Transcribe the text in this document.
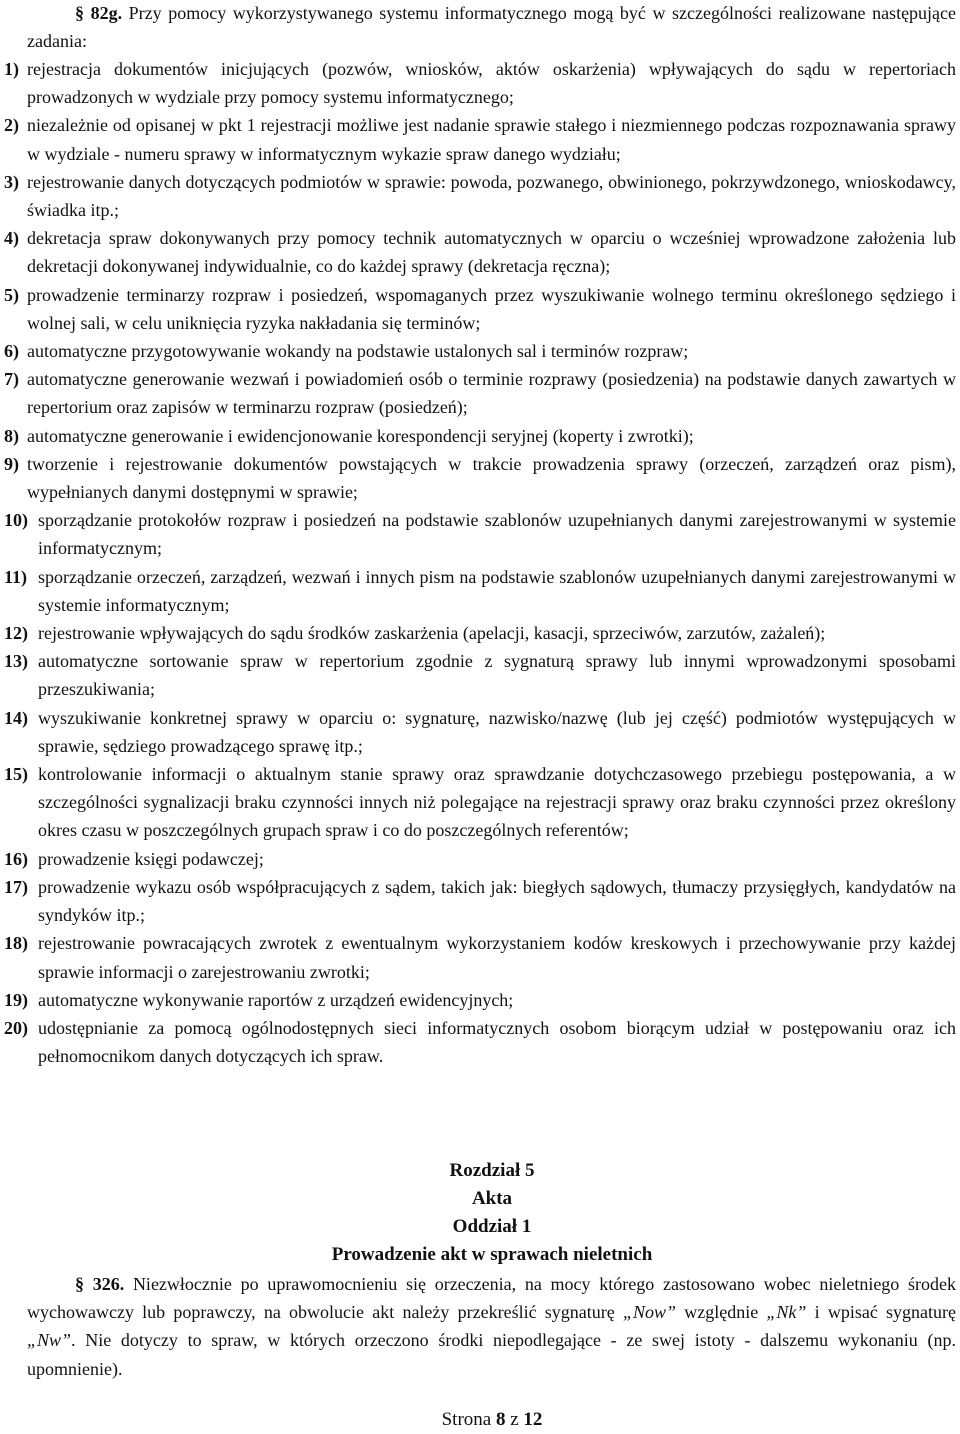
§ 82g. Przy pomocy wykorzystywanego systemu informatycznego mogą być w szczególności realizowane następujące zadania:
1) rejestracja dokumentów inicjujących (pozwów, wniosków, aktów oskarżenia) wpływających do sądu w repertoriach prowadzonych w wydziale przy pomocy systemu informatycznego;
2) niezależnie od opisanej w pkt 1 rejestracji możliwe jest nadanie sprawie stałego i niezmiennego podczas rozpoznawania sprawy w wydziale - numeru sprawy w informatycznym wykazie spraw danego wydziału;
3) rejestrowanie danych dotyczących podmiotów w sprawie: powoda, pozwanego, obwinionego, pokrzywdzonego, wnioskodawcy, świadka itp.;
4) dekretacja spraw dokonywanych przy pomocy technik automatycznych w oparciu o wcześniej wprowadzone założenia lub dekretacji dokonywanej indywidualnie, co do każdej sprawy (dekretacja ręczna);
5) prowadzenie terminarzy rozpraw i posiedzeń, wspomaganych przez wyszukiwanie wolnego terminu określonego sędziego i wolnej sali, w celu uniknięcia ryzyka nakładania się terminów;
6) automatyczne przygotowywanie wokandy na podstawie ustalonych sal i terminów rozpraw;
7) automatyczne generowanie wezwań i powiadomień osób o terminie rozprawy (posiedzenia) na podstawie danych zawartych w repertorium oraz zapisów w terminarzu rozpraw (posiedzeń);
8) automatyczne generowanie i ewidencjonowanie korespondencji seryjnej (koperty i zwrotki);
9) tworzenie i rejestrowanie dokumentów powstających w trakcie prowadzenia sprawy (orzeczeń, zarządzeń oraz pism), wypełnianych danymi dostępnymi w sprawie;
10) sporządzanie protokołów rozpraw i posiedzeń na podstawie szablonów uzupełnianych danymi zarejestrowanymi w systemie informatycznym;
11) sporządzanie orzeczeń, zarządzeń, wezwań i innych pism na podstawie szablonów uzupełnianych danymi zarejestrowanymi w systemie informatycznym;
12) rejestrowanie wpływających do sądu środków zaskarżenia (apelacji, kasacji, sprzeciwów, zarzutów, zażaleń);
13) automatyczne sortowanie spraw w repertorium zgodnie z sygnaturą sprawy lub innymi wprowadzonymi sposobami przeszukiwania;
14) wyszukiwanie konkretnej sprawy w oparciu o: sygnaturę, nazwisko/nazwę (lub jej część) podmiotów występujących w sprawie, sędziego prowadzącego sprawę itp.;
15) kontrolowanie informacji o aktualnym stanie sprawy oraz sprawdzanie dotychczasowego przebiegu postępowania, a w szczególności sygnalizacji braku czynności innych niż polegające na rejestracji sprawy oraz braku czynności przez określony okres czasu w poszczególnych grupach spraw i co do poszczególnych referentów;
16) prowadzenie księgi podawczej;
17) prowadzenie wykazu osób współpracujących z sądem, takich jak: biegłych sądowych, tłumaczy przysięgłych, kandydatów na syndyków itp.;
18) rejestrowanie powracających zwrotek z ewentualnym wykorzystaniem kodów kreskowych i przechowywanie przy każdej sprawie informacji o zarejestrowaniu zwrotki;
19) automatyczne wykonywanie raportów z urządzeń ewidencyjnych;
20) udostępnianie za pomocą ogólnodostępnych sieci informatycznych osobom biorącym udział w postępowaniu oraz ich pełnomocnikom danych dotyczących ich spraw.
Rozdział 5
Akta
Oddział 1
Prowadzenie akt w sprawach nieletnich
§ 326. Niezwłocznie po uprawomocnieniu się orzeczenia, na mocy którego zastosowano wobec nieletniego środek wychowawczy lub poprawczy, na obwolucie akt należy przekreślić sygnaturę „Now” względnie „Nk” i wpisać sygnaturę „Nw”. Nie dotyczy to spraw, w których orzeczono środki niepodlegające - ze swej istoty - dalszemu wykonaniu (np. upomnienie).
Strona 8 z 12
